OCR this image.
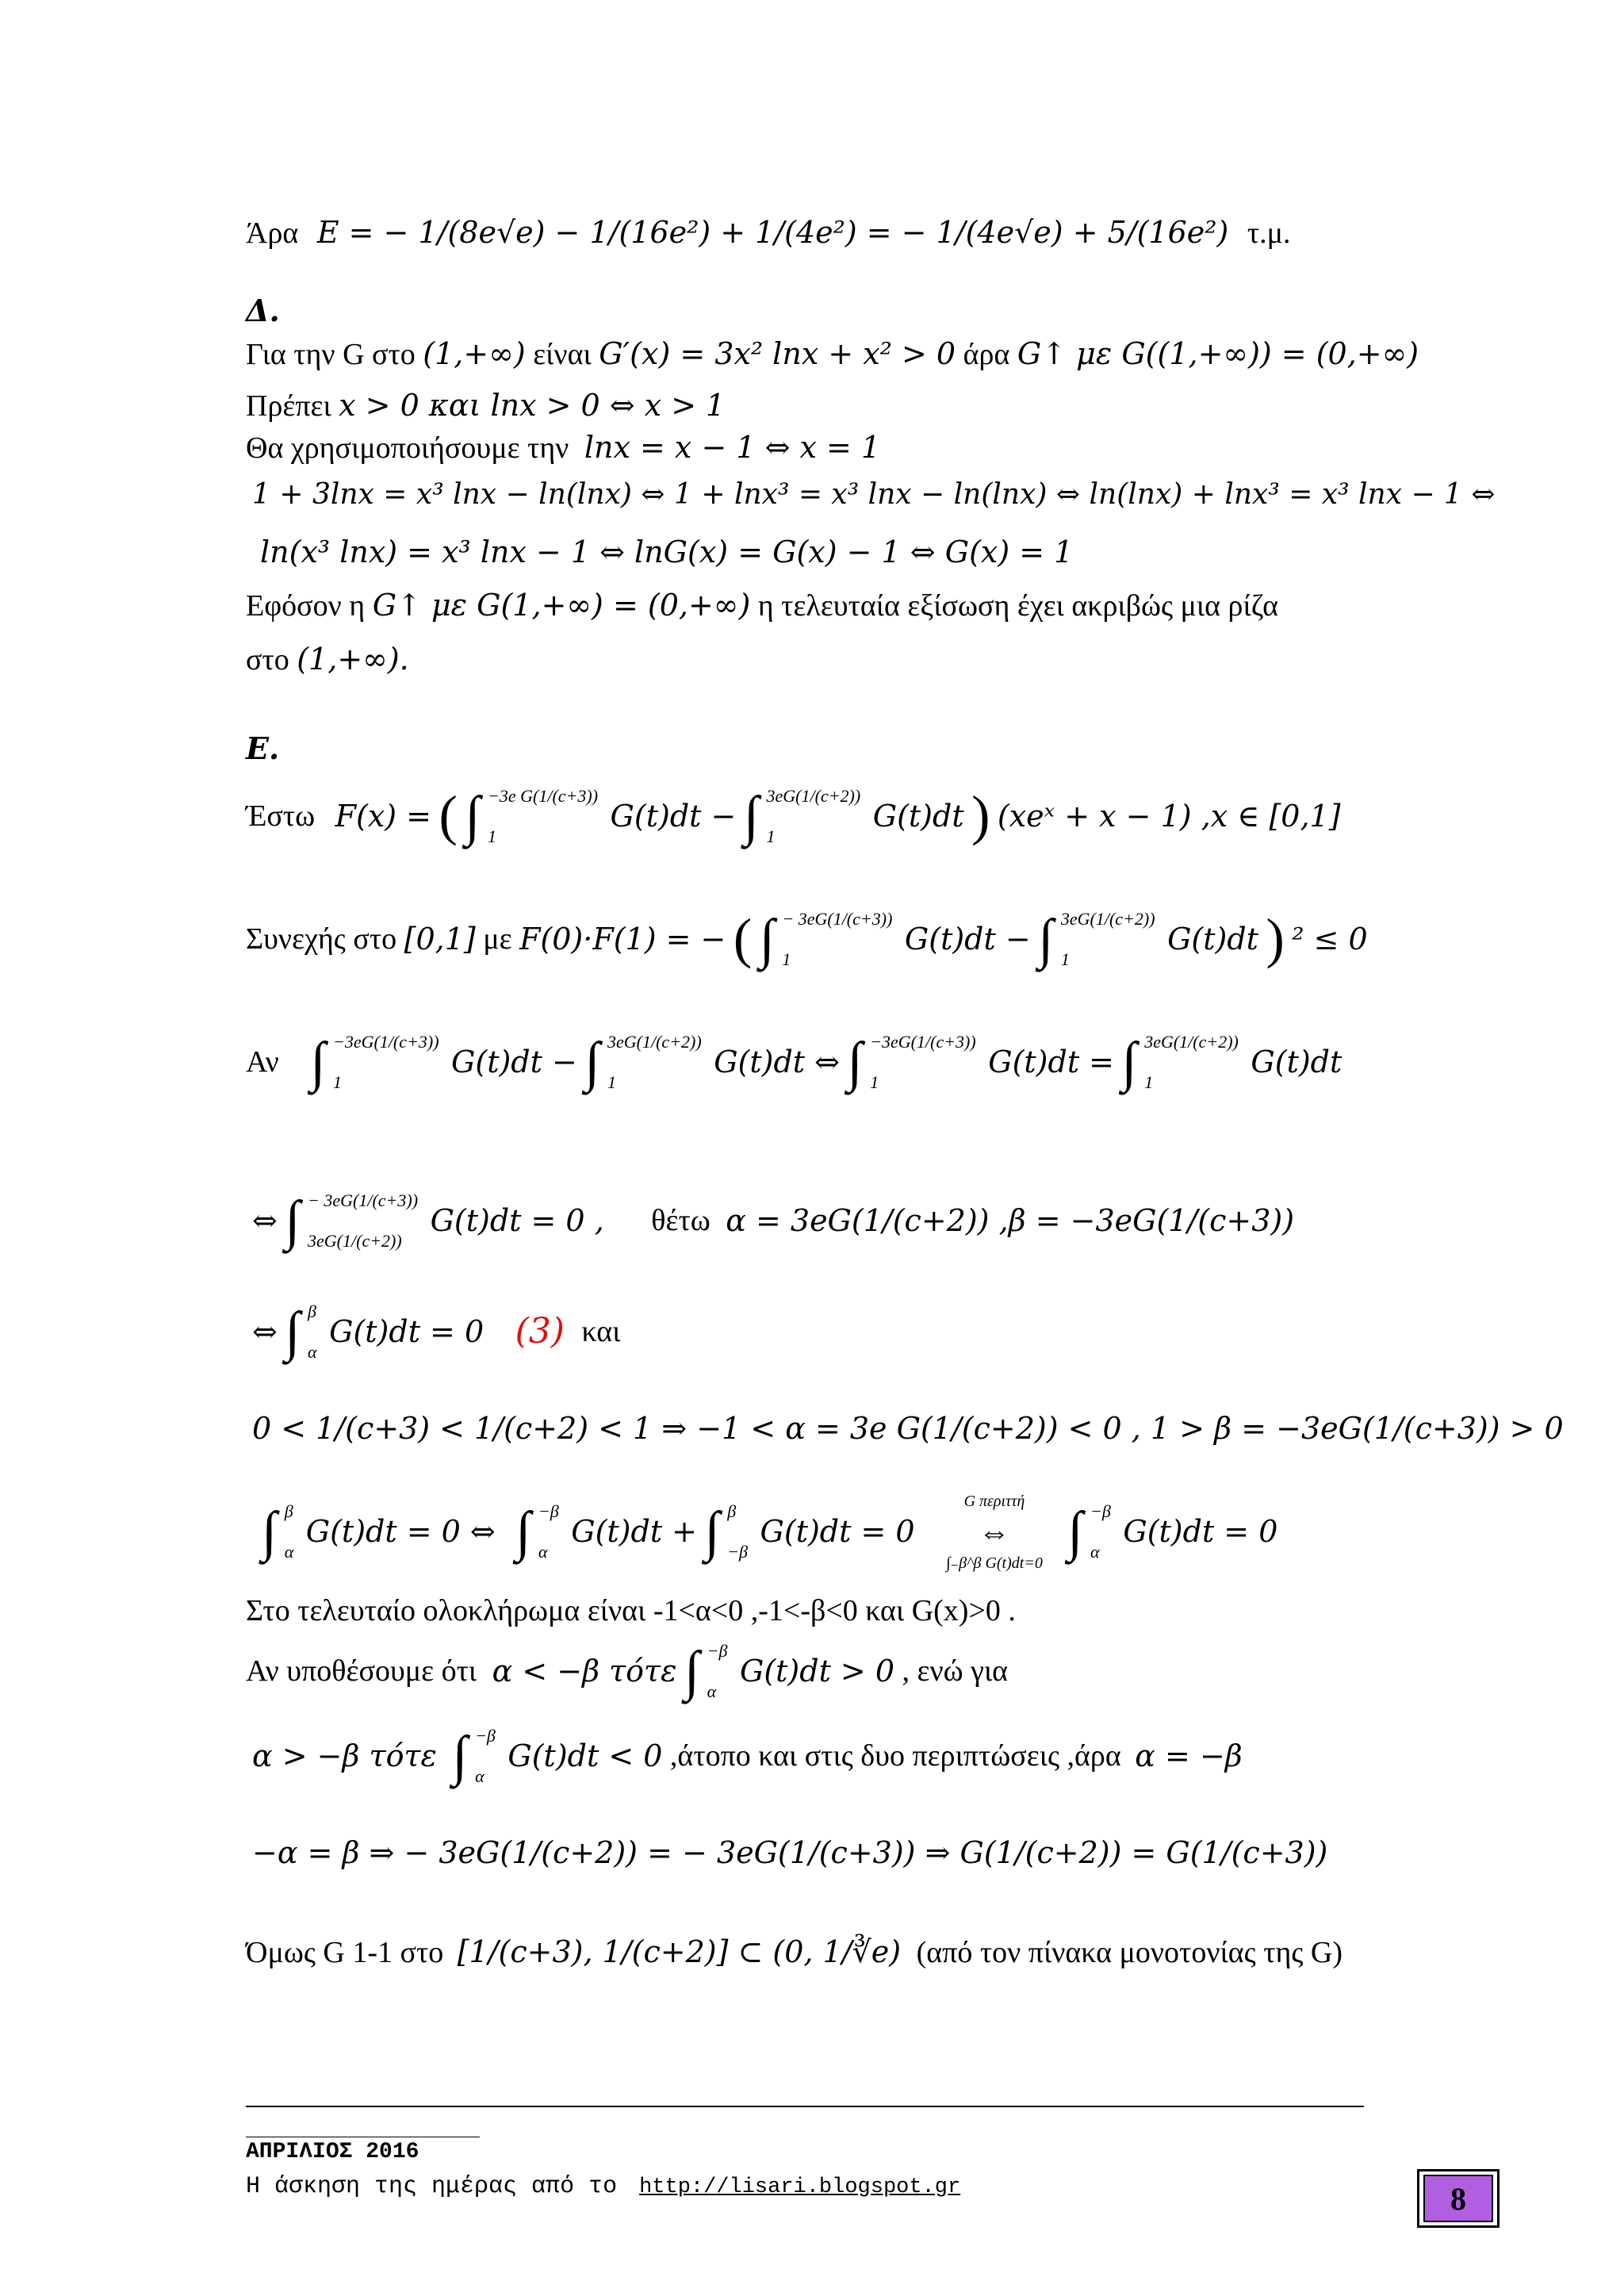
Άρα E = − 1/(8e√e) − 1/(16e²) + 1/(4e²) = − 1/(4e√e) + 5/(16e²) τ.μ.
Δ.
Για την G στο (1,+∞) είναι G′(x) = 3x² lnx + x² > 0 άρα G↑ με G((1,+∞)) = (0,+∞)
Πρέπει x > 0 και lnx > 0 ⇔ x > 1
Θα χρησιμοποιήσουμε την lnx = x − 1 ⇔ x = 1
1 + 3lnx = x³ lnx − ln(lnx) ⇔ 1 + lnx³ = x³ lnx − ln(lnx) ⇔ ln(lnx) + lnx³ = x³ lnx − 1 ⇔
ln(x³ lnx) = x³ lnx − 1 ⇔ lnG(x) = G(x) − 1 ⇔ G(x) = 1
Εφόσον η G↑ με G(1,+∞) = (0,+∞) η τελευταία εξίσωση έχει ακριβώς μια ρίζα
στο (1,+∞).
Ε.
Έστω F(x) = ( ∫ −3e G(1/(c+3))
1
G(t)dt − ∫ 3eG(1/(c+2))
1
G(t)dt ) (xeˣ + x − 1) ,x ∈ [0,1]
Συνεχής στο [0,1] με F(0)·F(1) = − ( ∫ − 3eG(1/(c+3))
1
G(t)dt − ∫ 3eG(1/(c+2))
1
G(t)dt ) ² ≤ 0
Αν ∫ −3eG(1/(c+3))
1
G(t)dt − ∫ 3eG(1/(c+2))
1
G(t)dt ⇔ ∫ −3eG(1/(c+3))
1
G(t)dt = ∫ 3eG(1/(c+2))
1
G(t)dt
⇔ ∫ − 3eG(1/(c+3))
3eG(1/(c+2))
G(t)dt = 0 , θέτω α = 3eG(1/(c+2)) ,β = −3eG(1/(c+3))
⇔ ∫ β
α
G(t)dt = 0 (3) και
0 < 1/(c+3) < 1/(c+2) < 1 ⇒ −1 < α = 3e G(1/(c+2)) < 0 , 1 > β = −3eG(1/(c+3)) > 0
∫ β
α
G(t)dt = 0 ⇔ ∫ −β
α
G(t)dt + ∫ β
−β
G(t)dt = 0
G περιττή
⇔
∫₋β^β G(t)dt=0
∫ −β
α
G(t)dt = 0
Στο τελευταίο ολοκλήρωμα είναι -1<α<0 ,-1<-β<0 και G(x)>0 .
Αν υποθέσουμε ότι α < −β τότε ∫ −β
α
G(t)dt > 0 , ενώ για
α > −β τότε ∫ −β
α
G(t)dt < 0 ,άτοπο και στις δυο περιπτώσεις ,άρα α = −β
−α = β ⇒ − 3eG(1/(c+2)) = − 3eG(1/(c+3)) ⇒ G(1/(c+2)) = G(1/(c+3))
Όμως G 1-1 στο [1/(c+3), 1/(c+2)] ⊂ (0, 1/∛e) (από τον πίνακα μονοτονίας της G)
ΑΠΡΙΛΙΟΣ 2016
Η άσκηση της ημέρας από το http://lisari.blogspot.gr	8
